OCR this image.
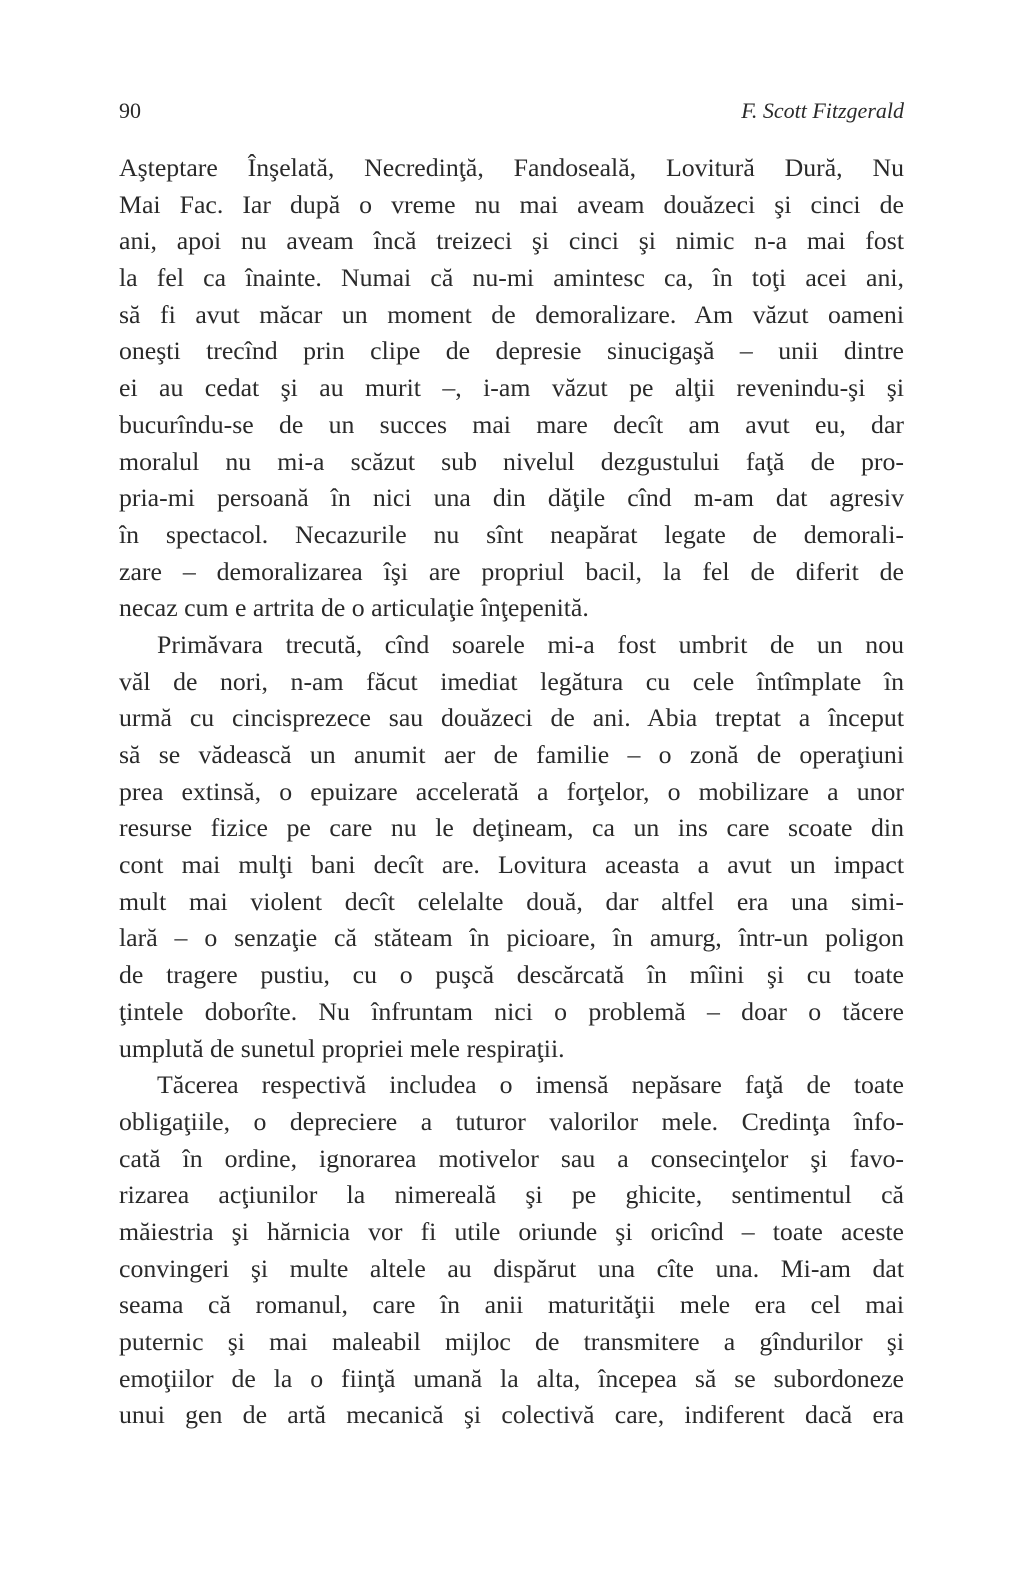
90	F. Scott Fitzgerald

Aşteptare Înşelată, Necredinţă, Fandoseală, Lovitură Dură, Nu
Mai Fac. Iar după o vreme nu mai aveam douăzeci şi cinci de
ani, apoi nu aveam încă treizeci şi cinci şi nimic n-a mai fost
la fel ca înainte. Numai că nu-mi amintesc ca, în toţi acei ani,
să fi avut măcar un moment de demoralizare. Am văzut oameni
oneşti trecînd prin clipe de depresie sinucigaşă – unii dintre
ei au cedat şi au murit –, i-am văzut pe alţii revenindu-şi şi
bucurîndu-se de un succes mai mare decît am avut eu, dar
moralul nu mi-a scăzut sub nivelul dezgustului faţă de pro-
pria-mi persoană în nici una din dăţile cînd m-am dat agresiv
în spectacol. Necazurile nu sînt neapărat legate de demorali-
zare – demoralizarea îşi are propriul bacil, la fel de diferit de
necaz cum e artrita de o articulaţie înţepenită.

Primăvara trecută, cînd soarele mi-a fost umbrit de un nou
văl de nori, n-am făcut imediat legătura cu cele întîmplate în
urmă cu cincisprezece sau douăzeci de ani. Abia treptat a început
să se vădească un anumit aer de familie – o zonă de operaţiuni
prea extinsă, o epuizare accelerată a forţelor, o mobilizare a unor
resurse fizice pe care nu le deţineam, ca un ins care scoate din
cont mai mulţi bani decît are. Lovitura aceasta a avut un impact
mult mai violent decît celelalte două, dar altfel era una simi-
lară – o senzaţie că stăteam în picioare, în amurg, într-un poligon
de tragere pustiu, cu o puşcă descărcată în mîini şi cu toate
ţintele doborîte. Nu înfruntam nici o problemă – doar o tăcere
umplută de sunetul propriei mele respiraţii.

Tăcerea respectivă includea o imensă nepăsare faţă de toate
obligaţiile, o depreciere a tuturor valorilor mele. Credinţa înfo-
cată în ordine, ignorarea motivelor sau a consecinţelor şi favo-
rizarea acţiunilor la nimereală şi pe ghicite, sentimentul că
măiestria şi hărnicia vor fi utile oriunde şi oricînd – toate aceste
convingeri şi multe altele au dispărut una cîte una. Mi-am dat
seama că romanul, care în anii maturităţii mele era cel mai
puternic şi mai maleabil mijloc de transmitere a gîndurilor şi
emoţiilor de la o fiinţă umană la alta, începea să se subordoneze
unui gen de artă mecanică şi colectivă care, indiferent dacă era
